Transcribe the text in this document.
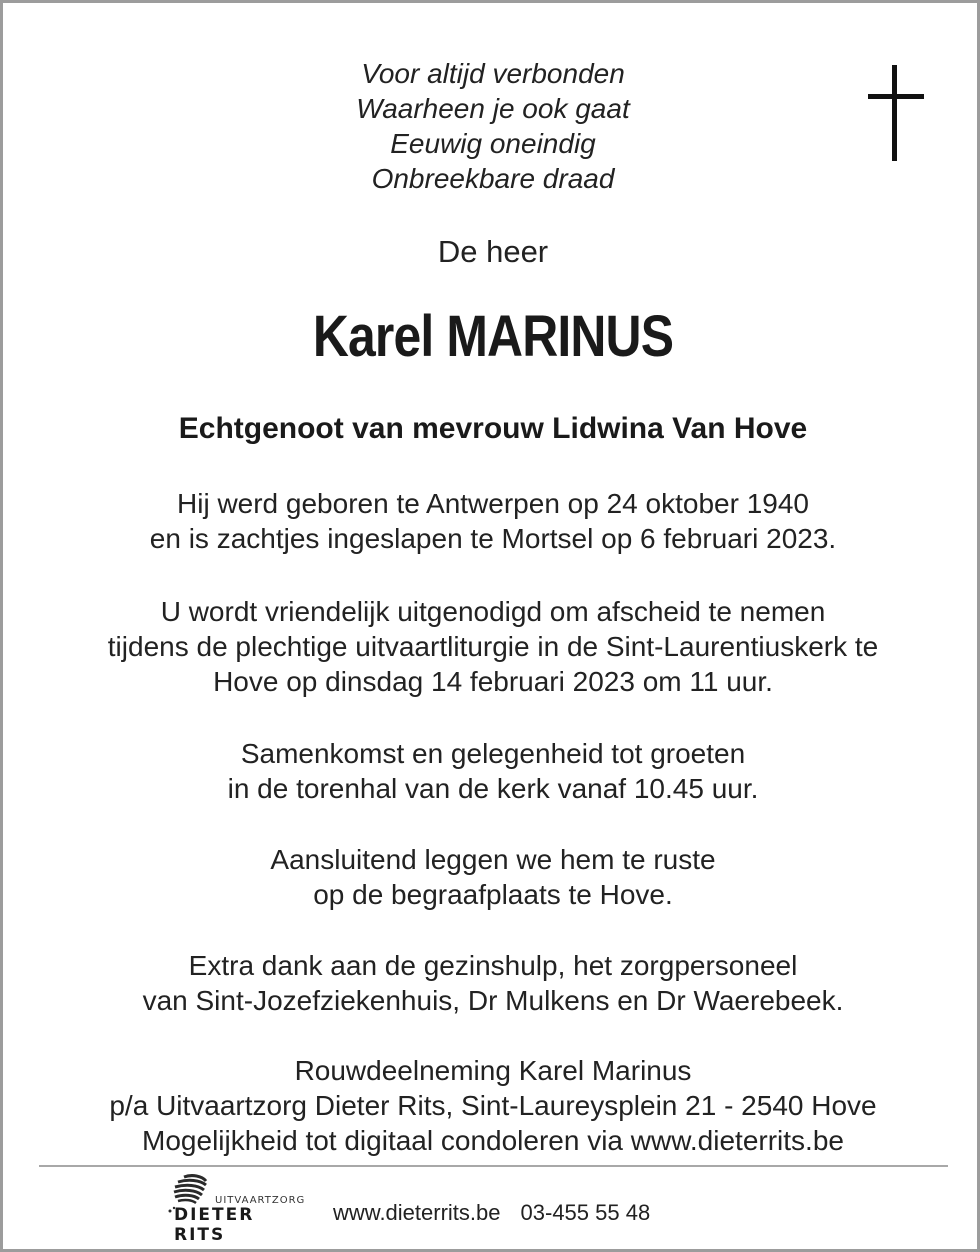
Voor altijd verbonden
Waarheen je ook gaat
Eeuwig oneindig
Onbreekbare draad
De heer
Karel MARINUS
Echtgenoot van mevrouw Lidwina Van Hove
Hij werd geboren te Antwerpen op 24 oktober 1940
en is zachtjes ingeslapen te Mortsel op 6 februari 2023.
U wordt vriendelijk uitgenodigd om afscheid te nemen
tijdens de plechtige uitvaartliturgie in de Sint-Laurentiuskerk te
Hove op dinsdag 14 februari 2023 om 11 uur.
Samenkomst en gelegenheid tot groeten
in de torenhal van de kerk vanaf 10.45 uur.
Aansluitend leggen we hem te ruste
op de begraafplaats te Hove.
Extra dank aan de gezinshulp, het zorgpersoneel
van Sint-Jozefziekenhuis, Dr Mulkens en Dr Waerebeek.
Rouwdeelneming Karel Marinus
p/a Uitvaartzorg Dieter Rits, Sint-Laureysplein 21 - 2540 Hove
Mogelijkheid tot digitaal condoleren via www.dieterrits.be
UITVAARTZORG
DIETER RITS
www.dieterrits.be 03-455 55 48
